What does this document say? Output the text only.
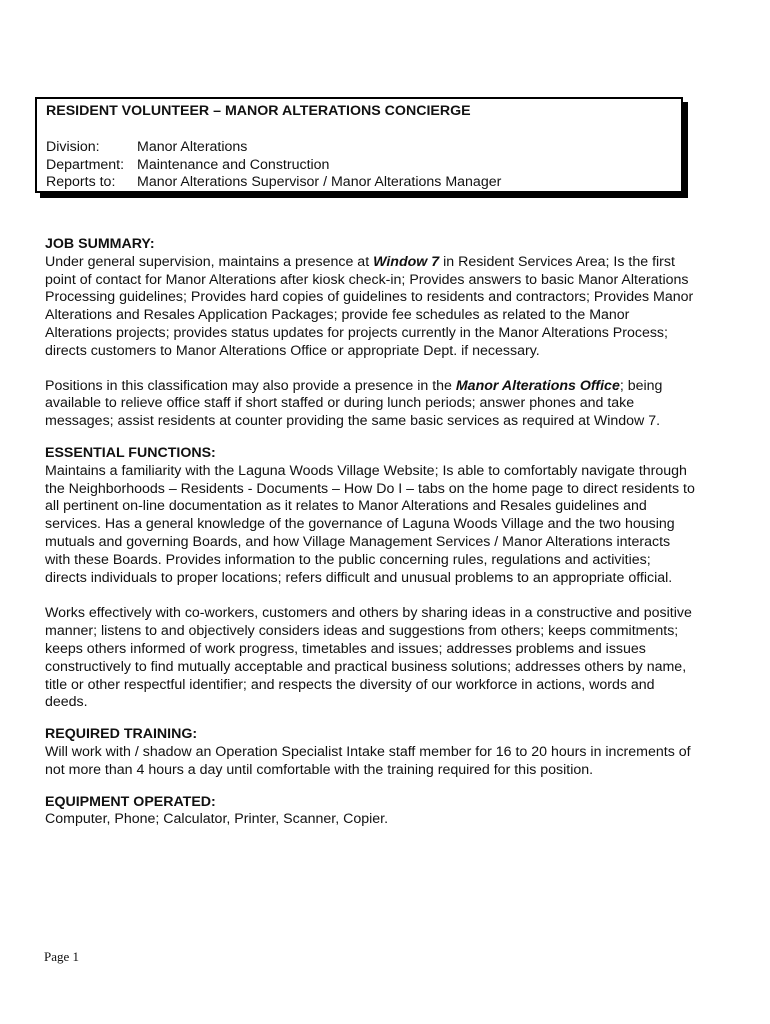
RESIDENT VOLUNTEER – MANOR ALTERATIONS CONCIERGE
Division:	Manor Alterations
Department: Maintenance and Construction
Reports to:	Manor Alterations Supervisor / Manor Alterations Manager
JOB SUMMARY:

Under general supervision, maintains a presence at Window 7 in Resident Services Area; Is the first point of contact for Manor Alterations after kiosk check-in; Provides answers to basic Manor Alterations Processing guidelines; Provides hard copies of guidelines to residents and contractors; Provides Manor Alterations and Resales Application Packages; provide fee schedules as related to the Manor Alterations projects; provides status updates for projects currently in the Manor Alterations Process; directs customers to Manor Alterations Office or appropriate Dept. if necessary.

Positions in this classification may also provide a presence in the Manor Alterations Office; being available to relieve office staff if short staffed or during lunch periods; answer phones and take messages; assist residents at counter providing the same basic services as required at Window 7.

ESSENTIAL FUNCTIONS:

Maintains a familiarity with the Laguna Woods Village Website; Is able to comfortably navigate through the Neighborhoods – Residents - Documents – How Do I – tabs on the home page to direct residents to all pertinent on-line documentation as it relates to Manor Alterations and Resales guidelines and services. Has a general knowledge of the governance of Laguna Woods Village and the two housing mutuals and governing Boards, and how Village Management Services / Manor Alterations interacts with these Boards. Provides information to the public concerning rules, regulations and activities; directs individuals to proper locations; refers difficult and unusual problems to an appropriate official.

Works effectively with co-workers, customers and others by sharing ideas in a constructive and positive manner; listens to and objectively considers ideas and suggestions from others; keeps commitments; keeps others informed of work progress, timetables and issues; addresses problems and issues constructively to find mutually acceptable and practical business solutions; addresses others by name, title or other respectful identifier; and respects the diversity of our workforce in actions, words and deeds.

REQUIRED TRAINING:

Will work with / shadow an Operation Specialist Intake staff member for 16 to 20 hours in increments of not more than 4 hours a day until comfortable with the training required for this position.

EQUIPMENT OPERATED:

Computer, Phone; Calculator, Printer, Scanner, Copier.

Page 1
